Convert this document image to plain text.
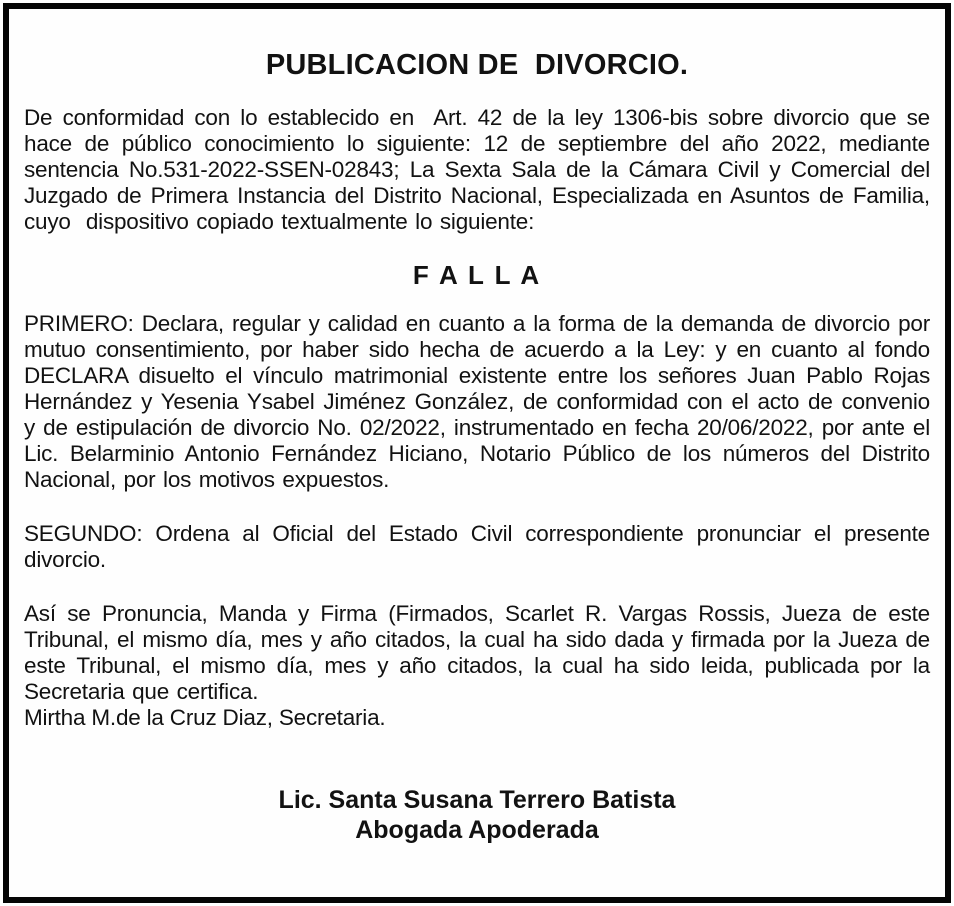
PUBLICACION DE  DIVORCIO.

De conformidad con lo establecido en  Art. 42 de la ley 1306-bis sobre divorcio que se hace de público conocimiento lo siguiente: 12 de septiembre del año 2022, mediante sentencia No.531-2022-SSEN-02843; La Sexta Sala de la Cámara Civil y Comercial del Juzgado de Primera Instancia del Distrito Nacional, Especializada en Asuntos de Familia, cuyo  dispositivo copiado textualmente lo siguiente:

F A L L A

PRIMERO: Declara, regular y calidad en cuanto a la forma de la demanda de divorcio por mutuo consentimiento, por haber sido hecha de acuerdo a la Ley: y en cuanto al fondo DECLARA disuelto el vínculo matrimonial existente entre los señores Juan Pablo Rojas Hernández y Yesenia Ysabel Jiménez González, de conformidad con el acto de convenio y de estipulación de divorcio No. 02/2022, instrumentado en fecha 20/06/2022, por ante el Lic. Belarminio Antonio Fernández Hiciano, Notario Público de los números del Distrito Nacional, por los motivos expuestos.

SEGUNDO: Ordena al Oficial del Estado Civil correspondiente pronunciar el presente divorcio.

Así se Pronuncia, Manda y Firma (Firmados, Scarlet R. Vargas Rossis, Jueza de este Tribunal, el mismo día, mes y año citados, la cual ha sido dada y firmada por la Jueza de este Tribunal, el mismo día, mes y año citados, la cual ha sido leida, publicada por la Secretaria que certifica.

Mirtha M.de la Cruz Diaz, Secretaria.

Lic. Santa Susana Terrero Batista
Abogada Apoderada
